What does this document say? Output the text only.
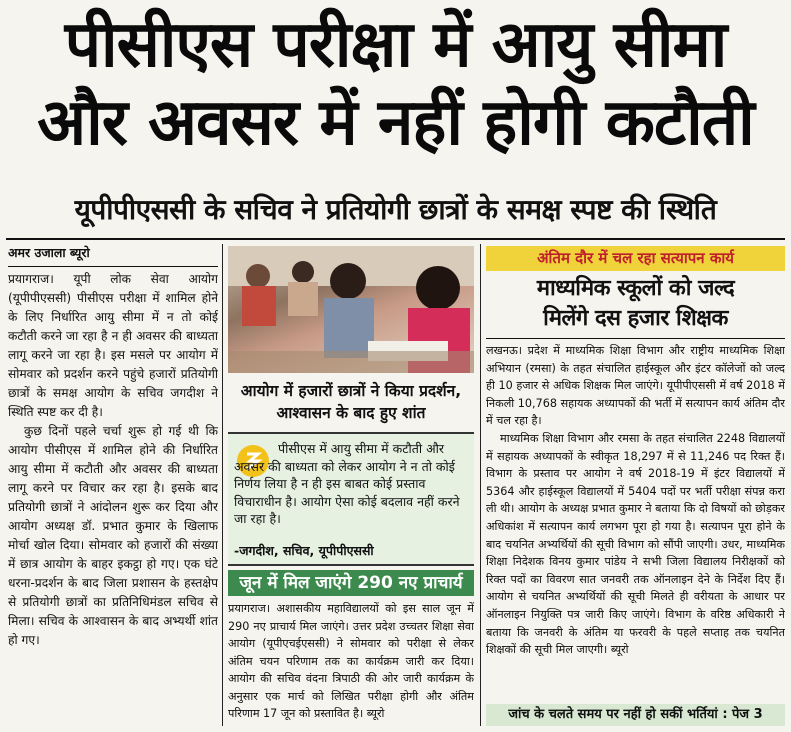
पीसीएस परीक्षा में आयु सीमा
और अवसर में नहीं होगी कटौती
यूपीपीएससी के सचिव ने प्रतियोगी छात्रों के समक्ष स्पष्ट की स्थिति
अमर उजाला ब्यूरो
प्रयागराज। यूपी लोक सेवा आयोग (यूपीपीएससी) पीसीएस परीक्षा में शामिल होने के लिए निर्धारित आयु सीमा में न तो कोई कटौती करने जा रहा है न ही अवसर की बाध्यता लागू करने जा रहा है। इस मसले पर आयोग में सोमवार को प्रदर्शन करने पहुंचे हजारों प्रतियोगी छात्रों के समक्ष आयोग के सचिव जगदीश ने स्थिति स्पष्ट कर दी है।
कुछ दिनों पहले चर्चा शुरू हो गई थी कि आयोग पीसीएस में शामिल होने की निर्धारित आयु सीमा में कटौती और अवसर की बाध्यता लागू करने पर विचार कर रहा है। इसके बाद प्रतियोगी छात्रों ने आंदोलन शुरू कर दिया और आयोग अध्यक्ष डॉ. प्रभात कुमार के खिलाफ मोर्चा खोल दिया। सोमवार को हजारों की संख्या में छात्र आयोग के बाहर इकट्ठा हो गए। एक घंटे धरना-प्रदर्शन के बाद जिला प्रशासन के हस्तक्षेप से प्रतियोगी छात्रों का प्रतिनिधिमंडल सचिव से मिला। सचिव के आश्वासन के बाद अभ्यर्थी शांत हो गए।
आयोग में हजारों छात्रों ने किया प्रदर्शन, आश्वासन के बाद हुए शांत
पीसीएस में आयु सीमा में कटौती और अवसर की बाध्यता को लेकर आयोग ने न तो कोई निर्णय लिया है न ही इस बाबत कोई प्रस्ताव विचाराधीन है। आयोग ऐसा कोई बदलाव नहीं करने जा रहा है।
-जगदीश, सचिव, यूपीपीएससी
जून में मिल जाएंगे 290 नए प्राचार्य
प्रयागराज। अशासकीय महाविद्यालयों को इस साल जून में 290 नए प्राचार्य मिल जाएंगे। उत्तर प्रदेश उच्चतर शिक्षा सेवा आयोग (यूपीएचईएससी) ने सोमवार को परीक्षा से लेकर अंतिम चयन परिणाम तक का कार्यक्रम जारी कर दिया। आयोग की सचिव वंदना त्रिपाठी की ओर जारी कार्यक्रम के अनुसार एक मार्च को लिखित परीक्षा होगी और अंतिम परिणाम 17 जून को प्रस्तावित है। ब्यूरो
अंतिम दौर में चल रहा सत्यापन कार्य
माध्यमिक स्कूलों को जल्द
मिलेंगे दस हजार शिक्षक
लखनऊ। प्रदेश में माध्यमिक शिक्षा विभाग और राष्ट्रीय माध्यमिक शिक्षा अभियान (रमसा) के तहत संचालित हाईस्कूल और इंटर कॉलेजों को जल्द ही 10 हजार से अधिक शिक्षक मिल जाएंगे। यूपीपीएससी में वर्ष 2018 में निकली 10,768 सहायक अध्यापकों की भर्ती में सत्यापन कार्य अंतिम दौर में चल रहा है।
माध्यमिक शिक्षा विभाग और रमसा के तहत संचालित 2248 विद्यालयों में सहायक अध्यापकों के स्वीकृत 18,297 में से 11,246 पद रिक्त हैं। विभाग के प्रस्ताव पर आयोग ने वर्ष 2018-19 में इंटर विद्यालयों में 5364 और हाईस्कूल विद्यालयों में 5404 पदों पर भर्ती परीक्षा संपन्न करा ली थी। आयोग के अध्यक्ष प्रभात कुमार ने बताया कि दो विषयों को छोड़कर अधिकांश में सत्यापन कार्य लगभग पूरा हो गया है। सत्यापन पूरा होने के बाद चयनित अभ्यर्थियों की सूची विभाग को सौंपी जाएगी। उधर, माध्यमिक शिक्षा निदेशक विनय कुमार पांडेय ने सभी जिला विद्यालय निरीक्षकों को रिक्त पदों का विवरण सात जनवरी तक ऑनलाइन देने के निर्देश दिए हैं। आयोग से चयनित अभ्यर्थियों की सूची मिलते ही वरीयता के आधार पर ऑनलाइन नियुक्ति पत्र जारी किए जाएंगे। विभाग के वरिष्ठ अधिकारी ने बताया कि जनवरी के अंतिम या फरवरी के पहले सप्ताह तक चयनित शिक्षकों की सूची मिल जाएगी। ब्यूरो
जांच के चलते समय पर नहीं हो सकीं भर्तियां : पेज 3
